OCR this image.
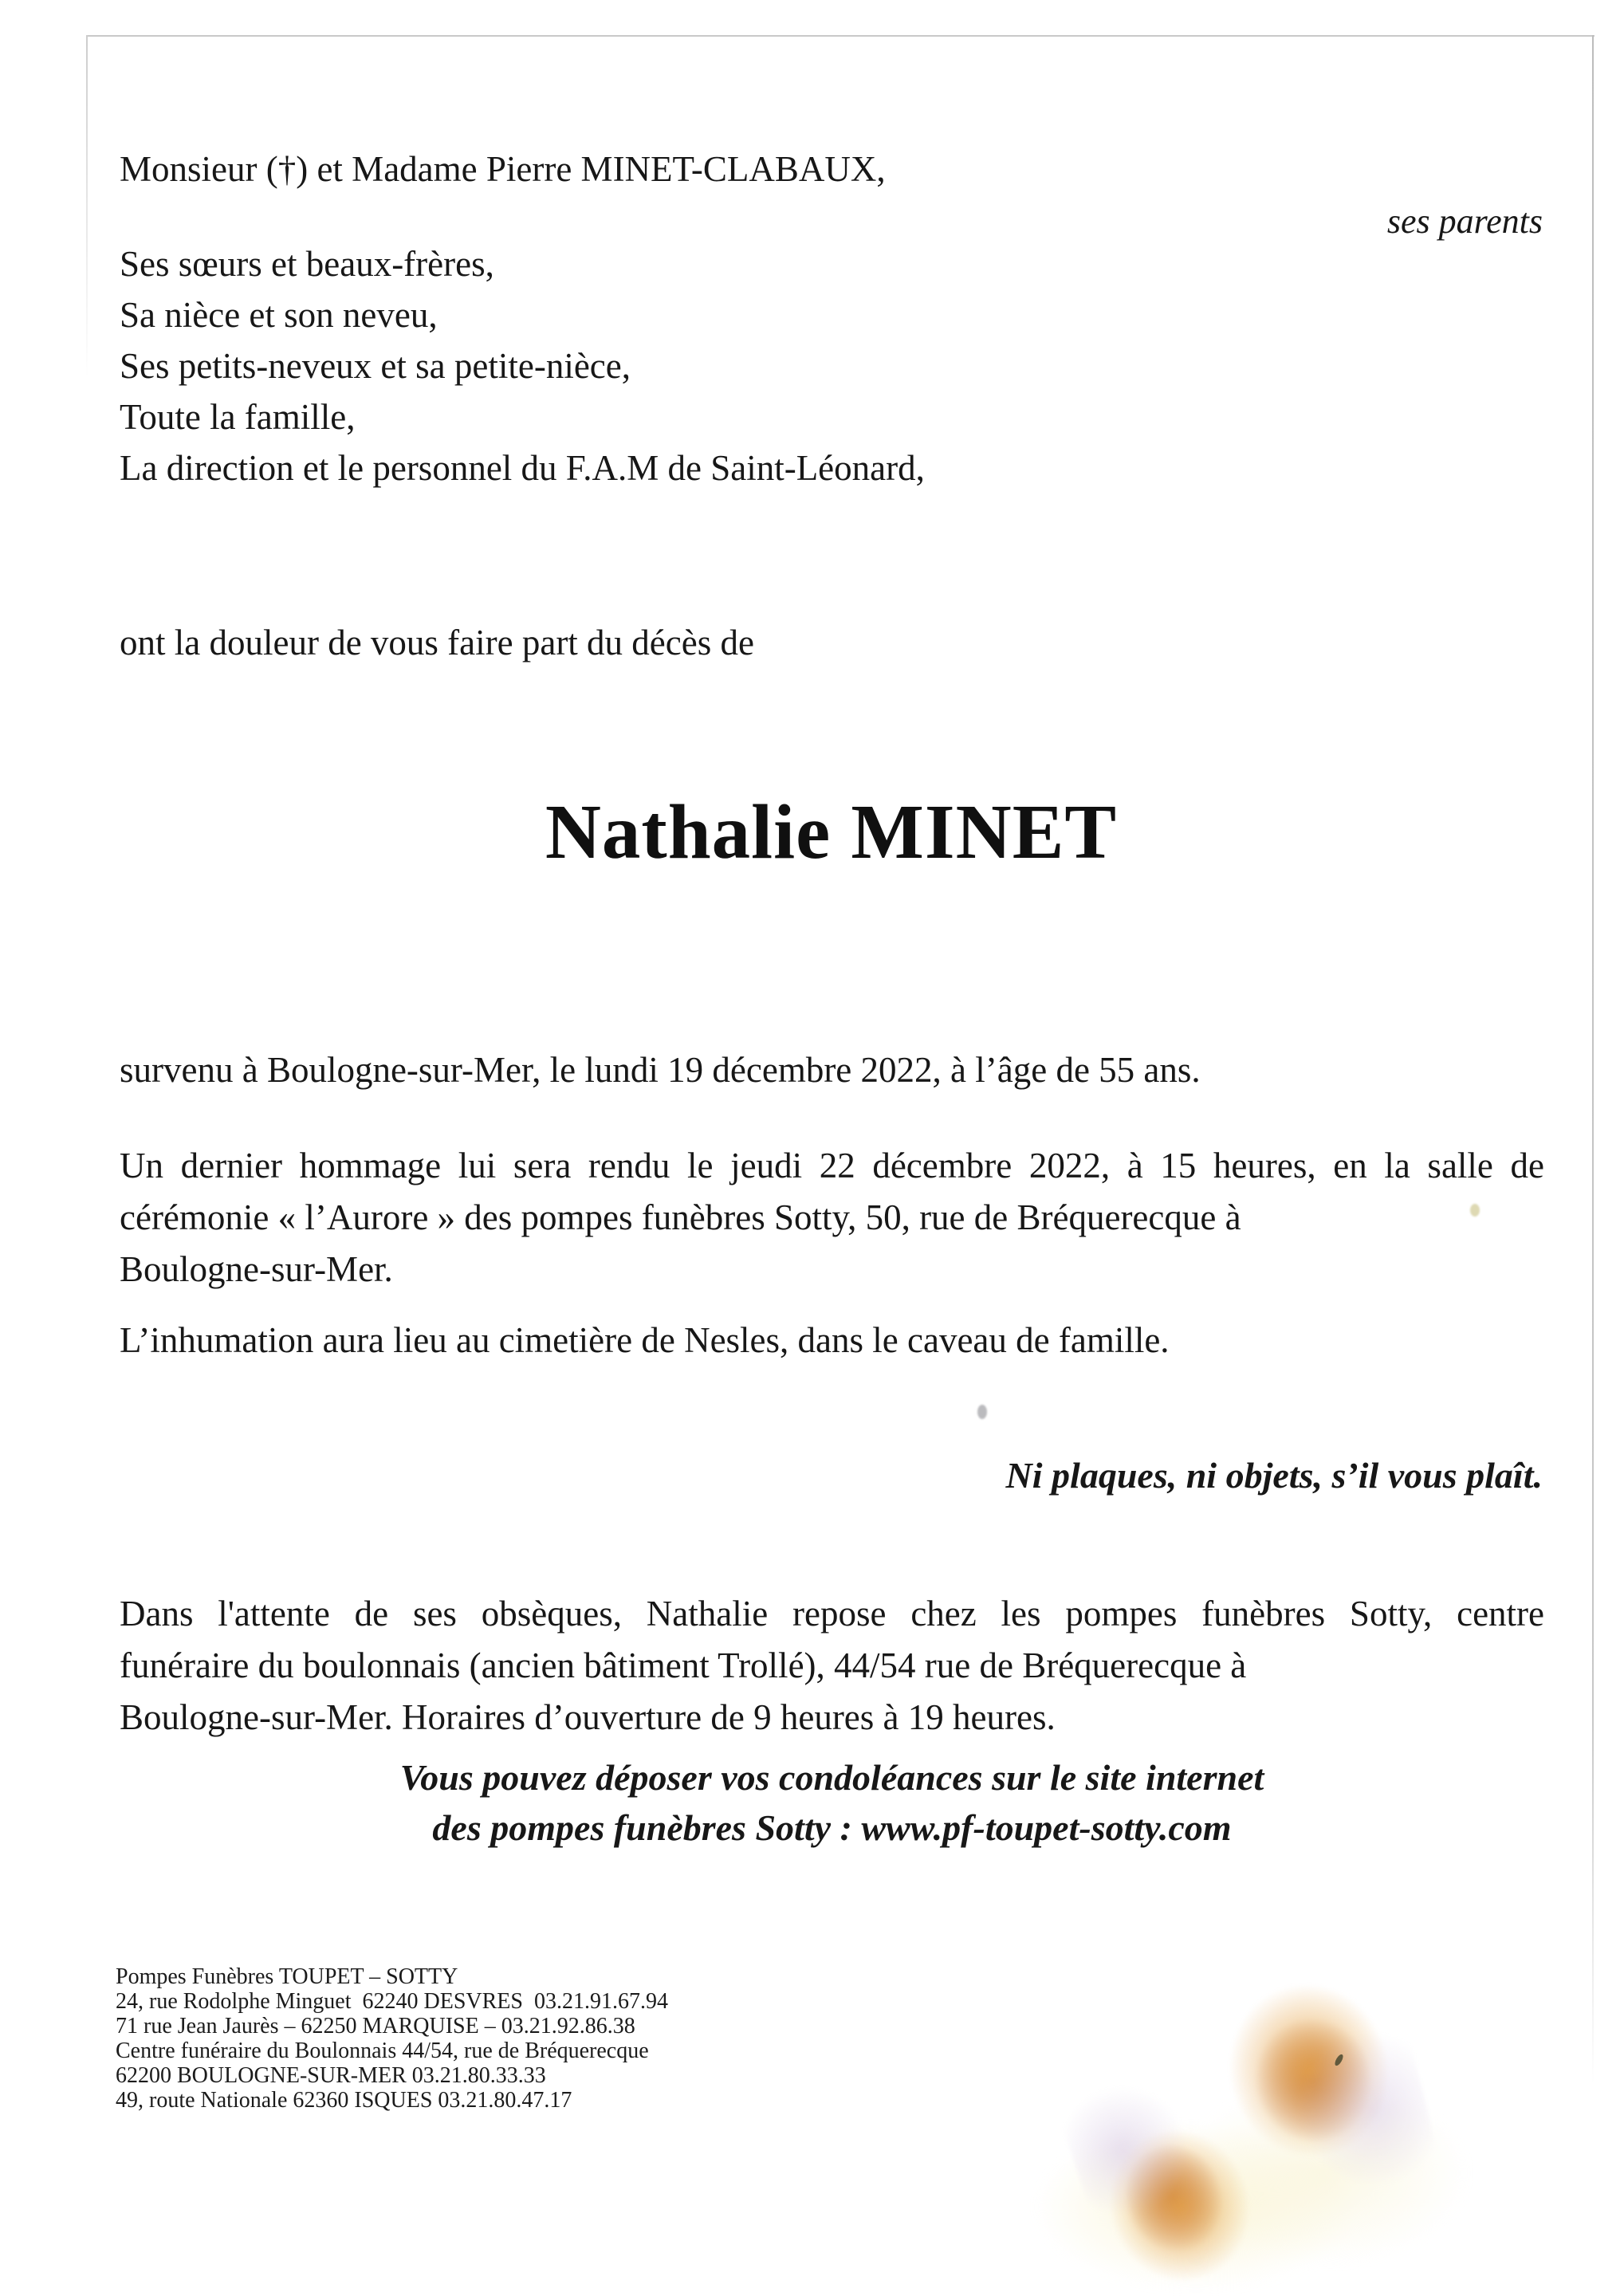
Monsieur (†) et Madame Pierre MINET-CLABAUX,
ses parents
Ses sœurs et beaux-frères,
Sa nièce et son neveu,
Ses petits-neveux et sa petite-nièce,
Toute la famille,
La direction et le personnel du F.A.M de Saint-Léonard,
ont la douleur de vous faire part du décès de
Nathalie MINET
survenu à Boulogne-sur-Mer, le lundi 19 décembre 2022, à l’âge de 55 ans.
Un dernier hommage lui sera rendu le jeudi 22 décembre 2022, à 15 heures, en la salle de
cérémonie « l’Aurore » des pompes funèbres Sotty, 50, rue de Bréquerecque à
Boulogne-sur-Mer.
L’inhumation aura lieu au cimetière de Nesles, dans le caveau de famille.
Ni plaques, ni objets, s’il vous plaît.
Dans l'attente de ses obsèques, Nathalie repose chez les pompes funèbres Sotty, centre
funéraire du boulonnais (ancien bâtiment Trollé), 44/54 rue de Bréquerecque à
Boulogne-sur-Mer. Horaires d’ouverture de 9 heures à 19 heures.
Vous pouvez déposer vos condoléances sur le site internet
des pompes funèbres Sotty : www.pf-toupet-sotty.com
Pompes Funèbres TOUPET – SOTTY
24, rue Rodolphe Minguet  62240 DESVRES  03.21.91.67.94
71 rue Jean Jaurès – 62250 MARQUISE – 03.21.92.86.38
Centre funéraire du Boulonnais 44/54, rue de Bréquerecque
62200 BOULOGNE-SUR-MER 03.21.80.33.33
49, route Nationale 62360 ISQUES 03.21.80.47.17
